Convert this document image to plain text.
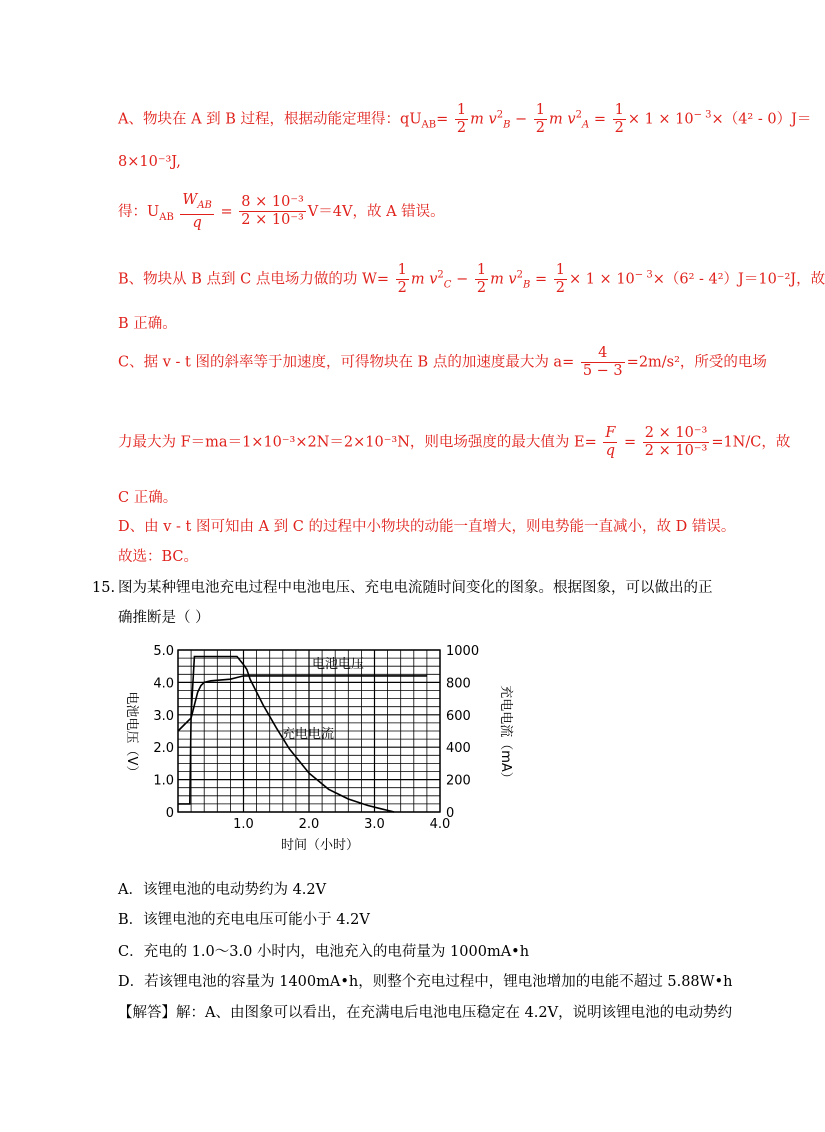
A、物块在 A 到 B 过程，根据动能定理得：$qU_{AB}= \frac{1}{2}$ m $v^2_B - \frac{1}{2}$ m $v^2_A = \frac{1}{2} \times 1 \times 10^{- 3}\times(4^2 - 0)J=$
8×10⁻³J,
得：$U_{AB} \frac{W_{AB}}{q} = \frac{\text{8 × 10⁻³}}{\text{2 × 10⁻³}} V=4V$，故 A 错误。
B、物块从 B 点到 C 点电场力做的功 $W= \frac{1}{2}$ m $v^2_C - \frac{1}{2}$ m $v^2_B = \frac{1}{2} \times 1 \times 10^{- 3}\times(6^2 - 4^2)J=10^{-2}J$，故
B 正确。
C、据 v - t 图的斜率等于加速度，可得物块在 B 点的加速度最大为 $a= \frac{4}{5 - 3} =2m/s^2$，所受的电场
力最大为 F＝ma＝1×10⁻³×2N＝2×10⁻³N，则电场强度的最大值为 $E= \frac{F}{q} = \frac{\text{2 × 10⁻³}}{\text{2 × 10⁻³}} =1N/C$，故
C 正确。
D、由 v - t 图可知由 A 到 C 的过程中小物块的动能一直增大，则电势能一直减小，故 D 错误。
故选：BC。
15. 图为某种锂电池充电过程中电池电压、充电电流随时间变化的图象。根据图象，可以做出的正
确推断是（ ）
1.0	2.0	3.0	4.0
0
1.0
2.0
3.0
4.0
5.0
0
200
400
600
800
1000
时间（小时）
电池电压（V）	充电电流（mA）
电池电压
充电电流
A．该锂电池的电动势约为 4.2V
B．该锂电池的充电电压可能小于 4.2V
C．充电的 1.0～3.0 小时内，电池充入的电荷量为 1000mA•h
D．若该锂电池的容量为 1400mA•h，则整个充电过程中，锂电池增加的电能不超过 5.88W•h
【解答】解：A、由图象可以看出，在充满电后电池电压稳定在 4.2V，说明该锂电池的电动势约
